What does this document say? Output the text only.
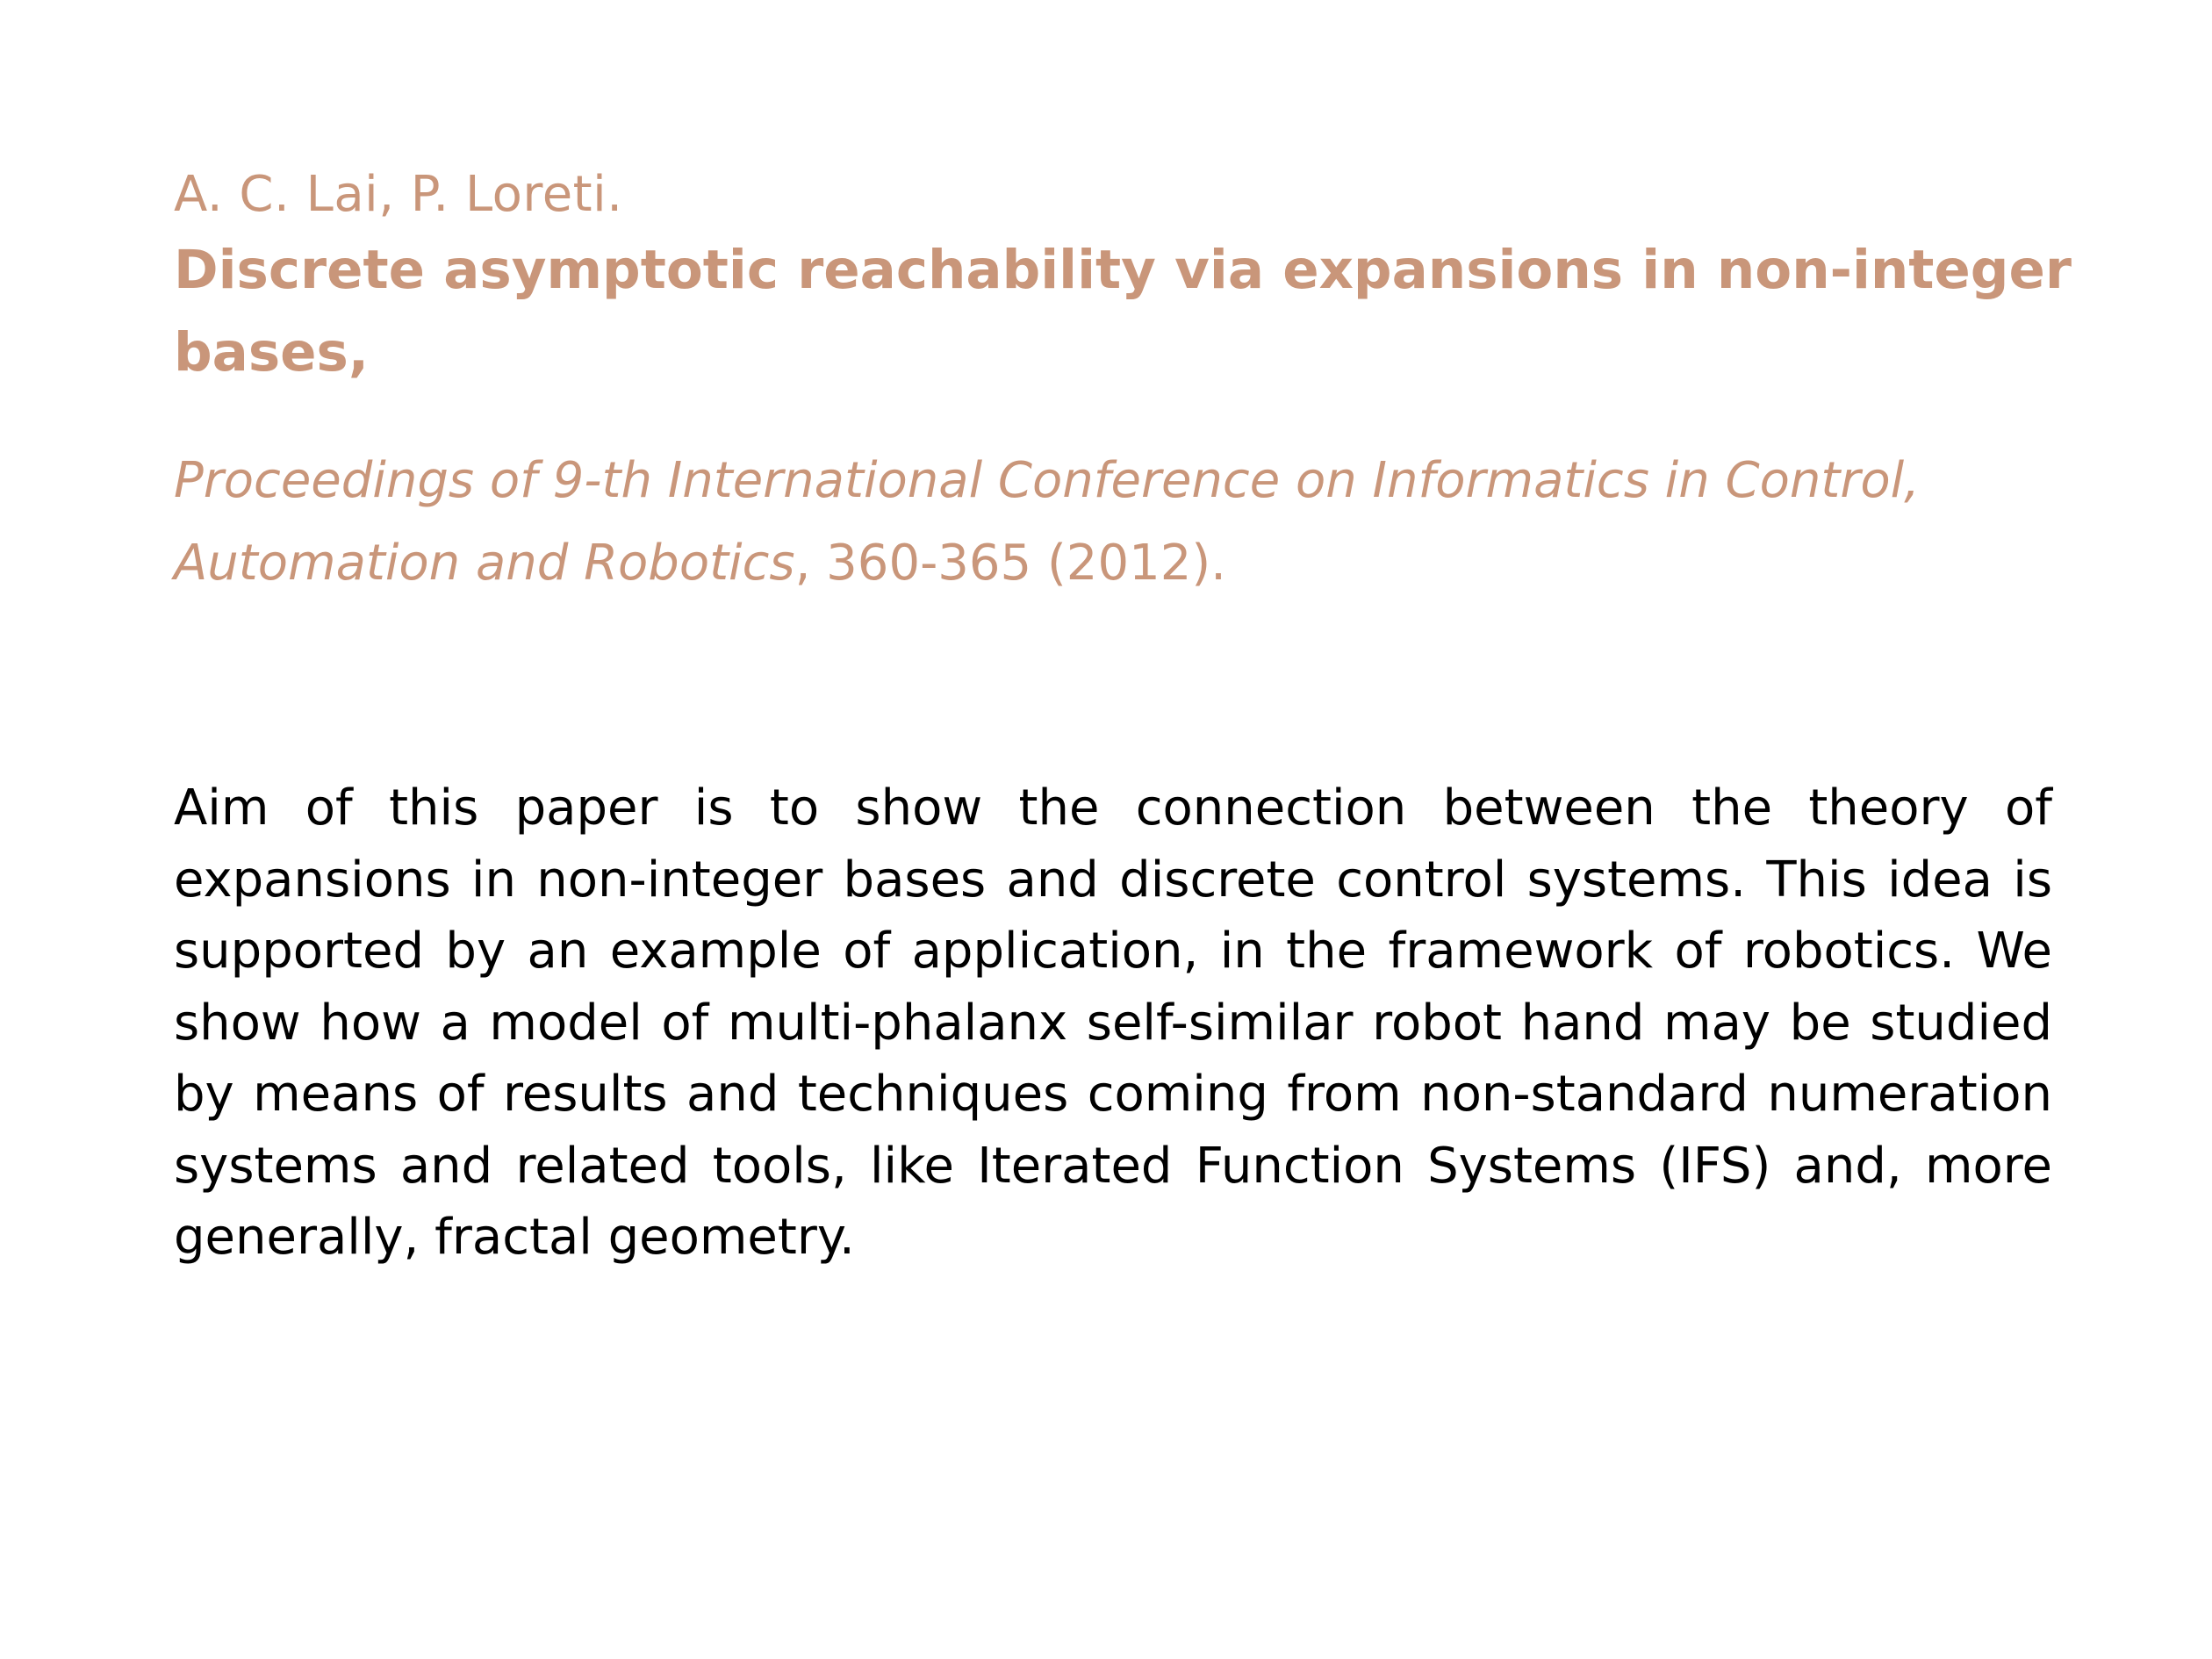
A. C. Lai, P. Loreti.

Discrete asymptotic reachability via expansions in non-integer bases,

Proceedings of 9-th International Conference on Informatics in Control, Automation and Robotics, 360-365 (2012).

Aim of this paper is to show the connection between the theory of expansions in non-integer bases and discrete control systems. This idea is supported by an example of application, in the framework of robotics. We show how a model of multi-phalanx self-similar robot hand may be studied by means of results and techniques coming from non-standard numeration systems and related tools, like Iterated Function Systems (IFS) and, more generally, fractal geometry.
